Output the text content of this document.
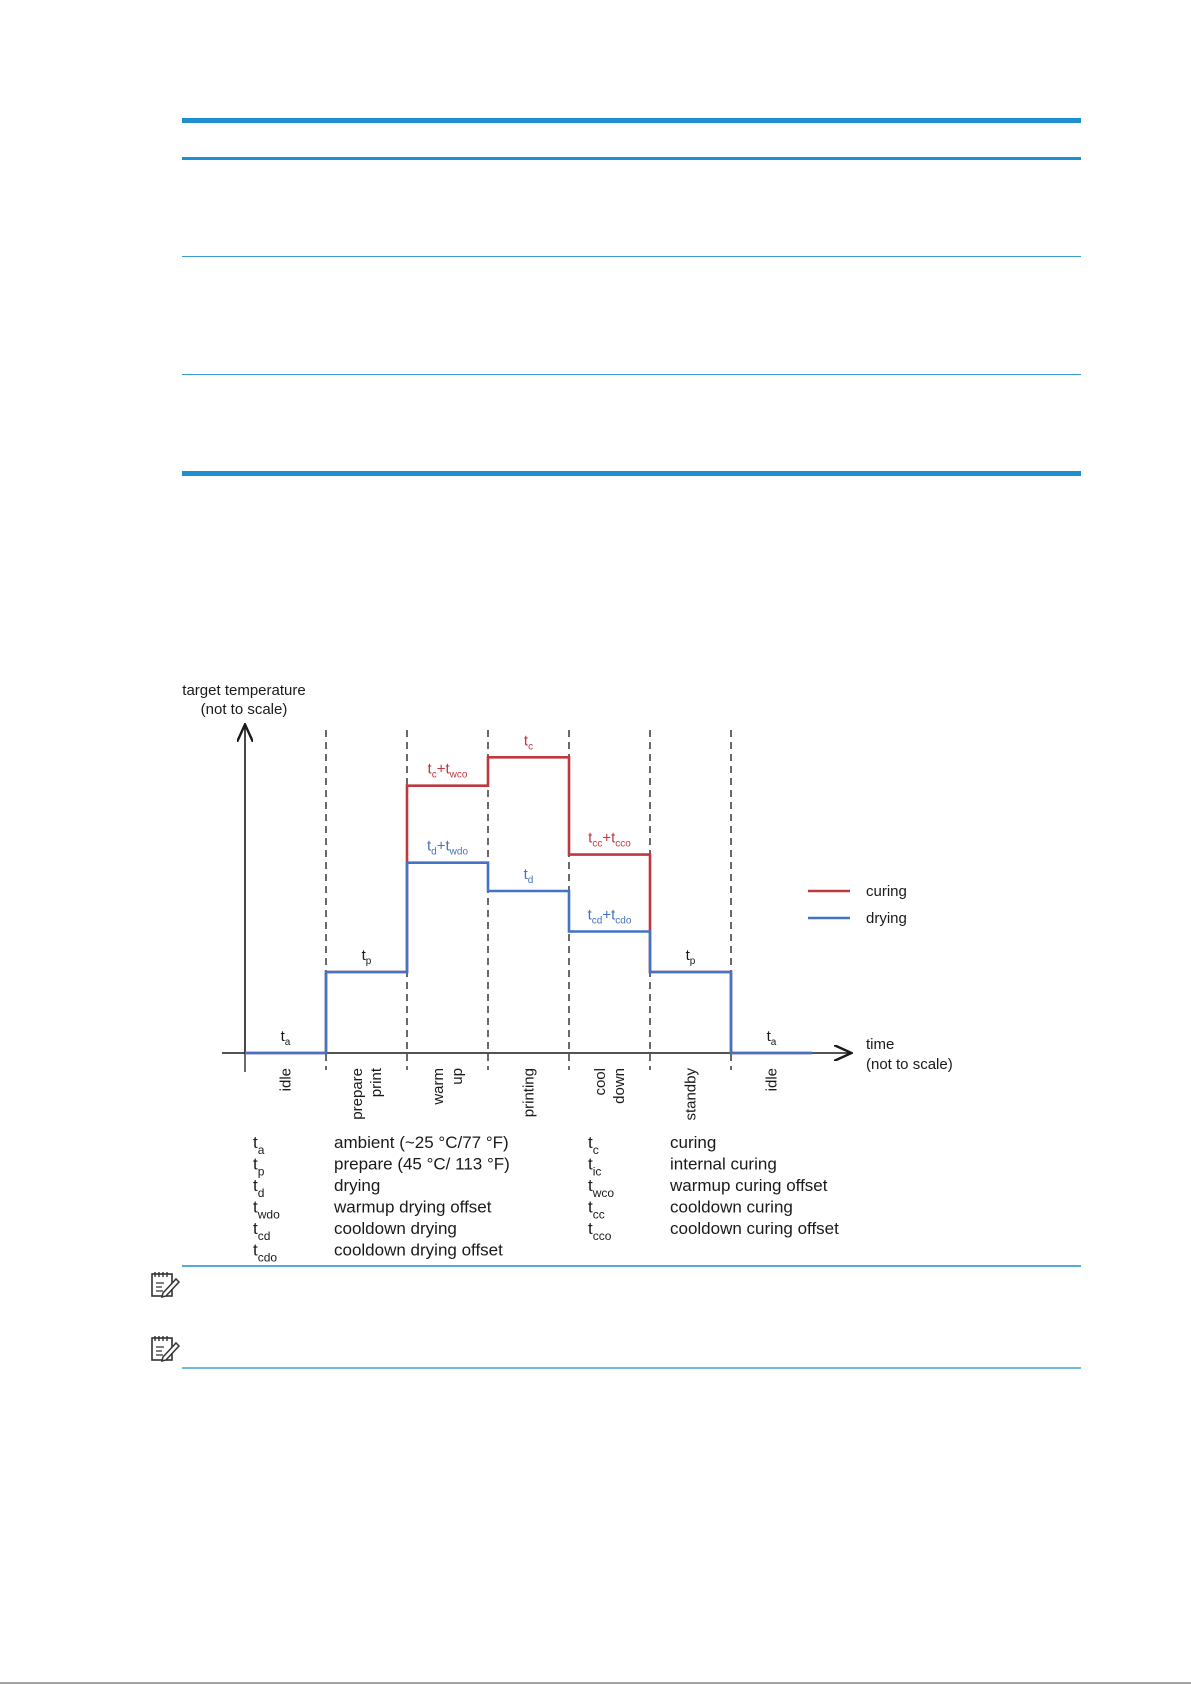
target temperature
(not to scale)
time
(not to scale)
$t_a$
$t_p$
$t_c+t_{wco}$
$t_d+t_{wdo}$
$t_c$
$t_d$
$t_{cc}+t_{cco}$
$t_{cd}+t_{cdo}$
$t_p$
$t_a$
idle	prepare print	warm up	printing	cool down	standby	idle
curing
drying
$t_a$	ambient (~25 °C/77 °F)
$t_p$	prepare (45 °C/ 113 °F)
$t_d$	drying
$t_{wdo}$	warmup drying offset
$t_{cd}$	cooldown drying
$t_{cdo}$	cooldown drying offset
$t_c$	curing
$t_{ic}$	internal curing
$t_{wco}$	warmup curing offset
$t_{cc}$	cooldown curing
$t_{cco}$	cooldown curing offset
